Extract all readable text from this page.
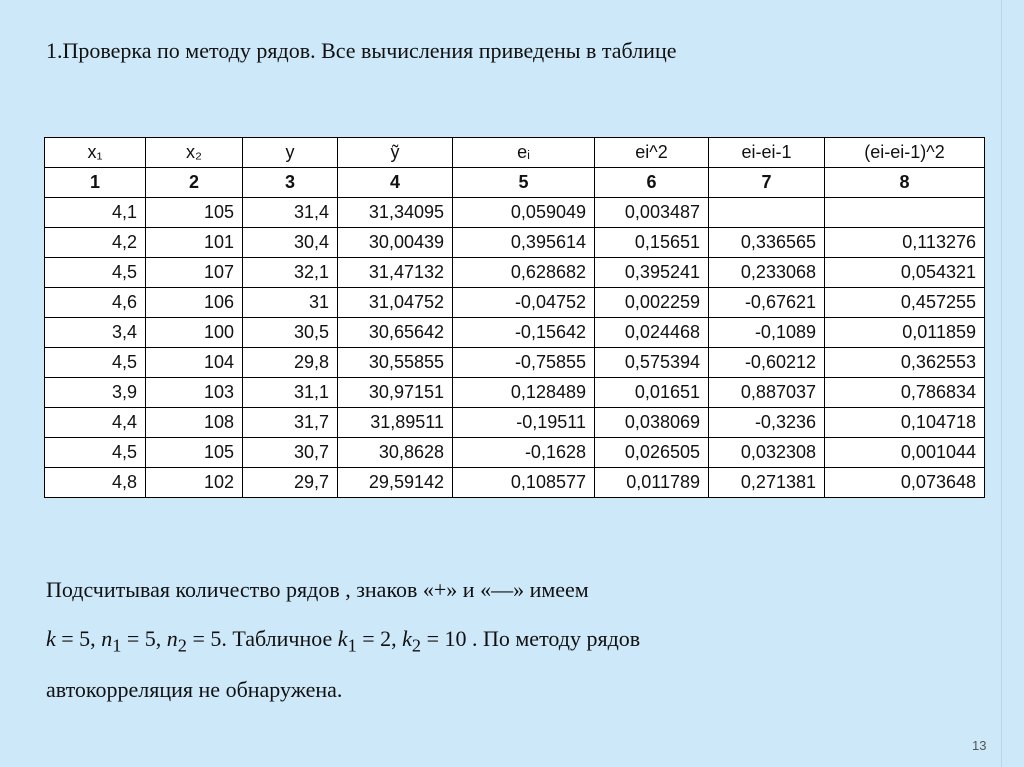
1.Проверка по методу рядов. Все вычисления приведены в таблице
x₁	x₂	y	ỹ	eᵢ	ei^2	ei-ei-1	(ei-ei-1)^2
1	2	3	4	5	6	7	8
4,1	105	31,4	31,34095	0,059049	0,003487		
4,2	101	30,4	30,00439	0,395614	0,15651	0,336565	0,113276
4,5	107	32,1	31,47132	0,628682	0,395241	0,233068	0,054321
4,6	106	31	31,04752	-0,04752	0,002259	-0,67621	0,457255
3,4	100	30,5	30,65642	-0,15642	0,024468	-0,1089	0,011859
4,5	104	29,8	30,55855	-0,75855	0,575394	-0,60212	0,362553
3,9	103	31,1	30,97151	0,128489	0,01651	0,887037	0,786834
4,4	108	31,7	31,89511	-0,19511	0,038069	-0,3236	0,104718
4,5	105	30,7	30,8628	-0,1628	0,026505	0,032308	0,001044
4,8	102	29,7	29,59142	0,108577	0,011789	0,271381	0,073648
Подсчитывая количество рядов , знаков «+» и «—» имеем
k = 5, $n_1 = 5$, $n_2 = 5$. Табличное $k_1 = 2$, $k_2 = 10$ . По методу рядов
автокорреляция не обнаружена.
13
